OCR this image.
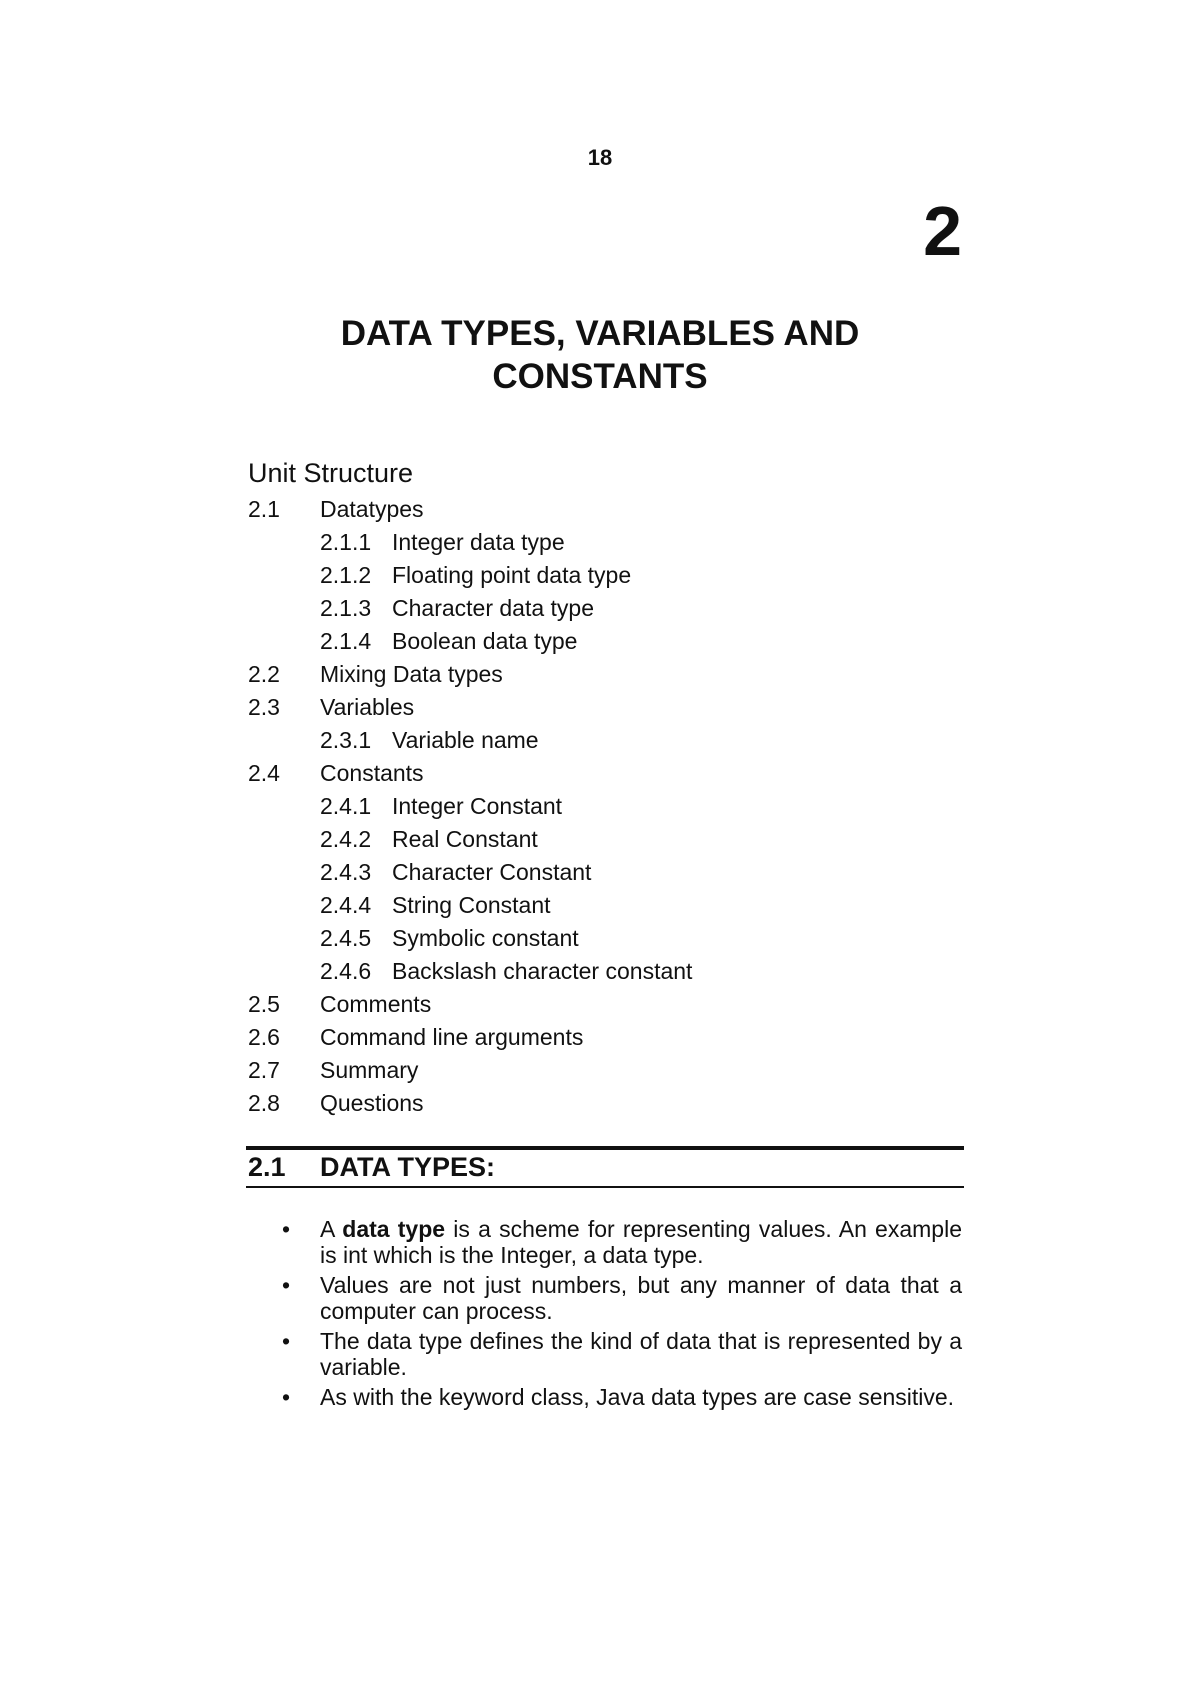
18
2
DATA TYPES, VARIABLES AND
CONSTANTS
Unit Structure
2.1 Datatypes
2.1.1 Integer data type
2.1.2 Floating point data type
2.1.3 Character data type
2.1.4 Boolean data type
2.2 Mixing Data types
2.3 Variables
2.3.1 Variable name
2.4 Constants
2.4.1 Integer Constant
2.4.2 Real Constant
2.4.3 Character Constant
2.4.4 String Constant
2.4.5 Symbolic constant
2.4.6 Backslash character constant
2.5 Comments
2.6 Command line arguments
2.7 Summary
2.8 Questions
2.1 DATA TYPES:
• A data type is a scheme for representing values. An example is int which is the Integer, a data type.
• Values are not just numbers, but any manner of data that a computer can process.
• The data type defines the kind of data that is represented by a variable.
• As with the keyword class, Java data types are case sensitive.
